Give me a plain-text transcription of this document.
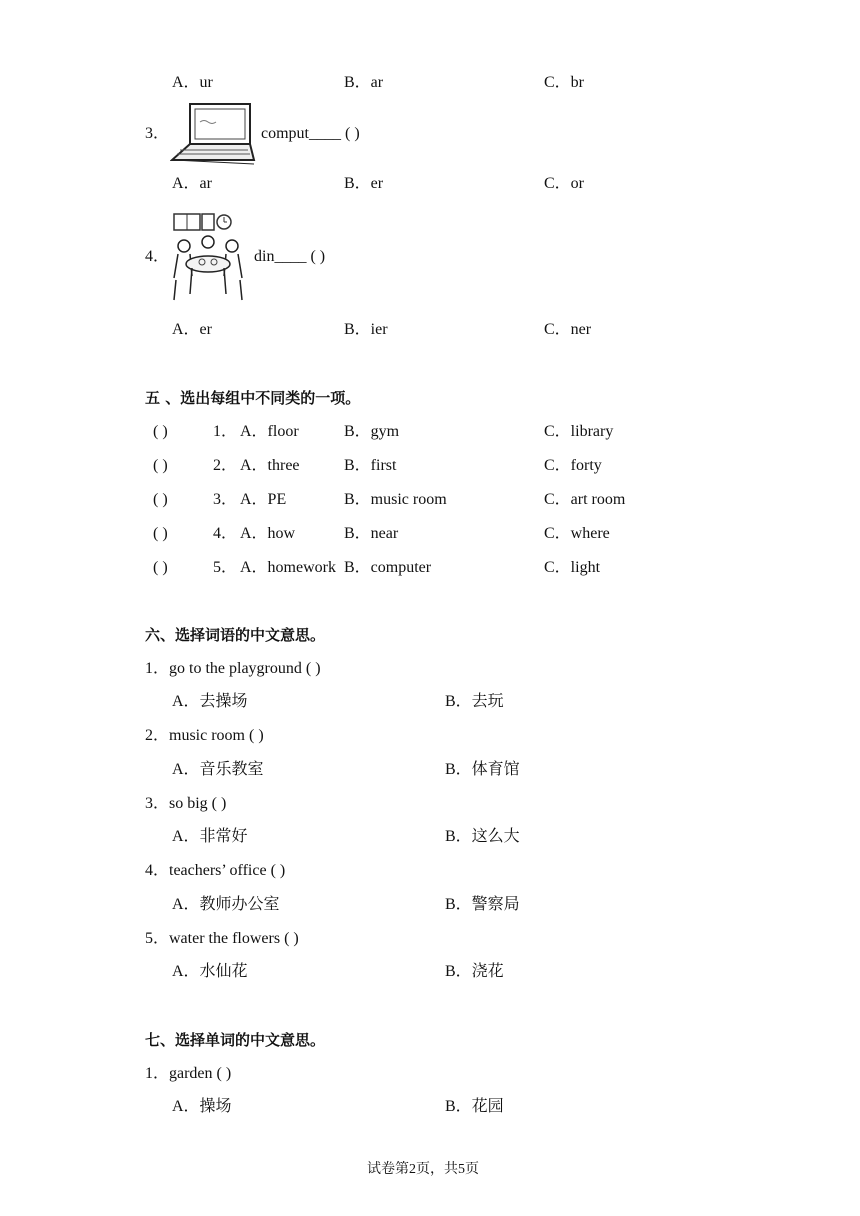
A．ur	B．ar	C．br
3．	comput____ ( )
A．ar	B．er	C．or
4．	din____ ( )
A．er	B．ier	C．ner
五 、选出每组中不同类的一项。
( )	1． A．floor	B．gym	C．library
( )	2． A．three	B．first	C．forty
( )	3． A．PE	B．music room	C．art room
( )	4． A．how	B．near	C．where
( )	5． A．homework B．computer	C．light
六、选择词语的中文意思。
1．go to the playground ( )
A．去操场	B．去玩
2．music room ( )
A．音乐教室	B．体育馆
3．so big ( )
A．非常好	B．这么大
4．teachers’ office ( )
A．教师办公室	B．警察局
5．water the flowers ( )
A．水仙花	B．浇花
七、选择单词的中文意思。
1．garden ( )
A．操场	B．花园
试卷第2页，共5页
